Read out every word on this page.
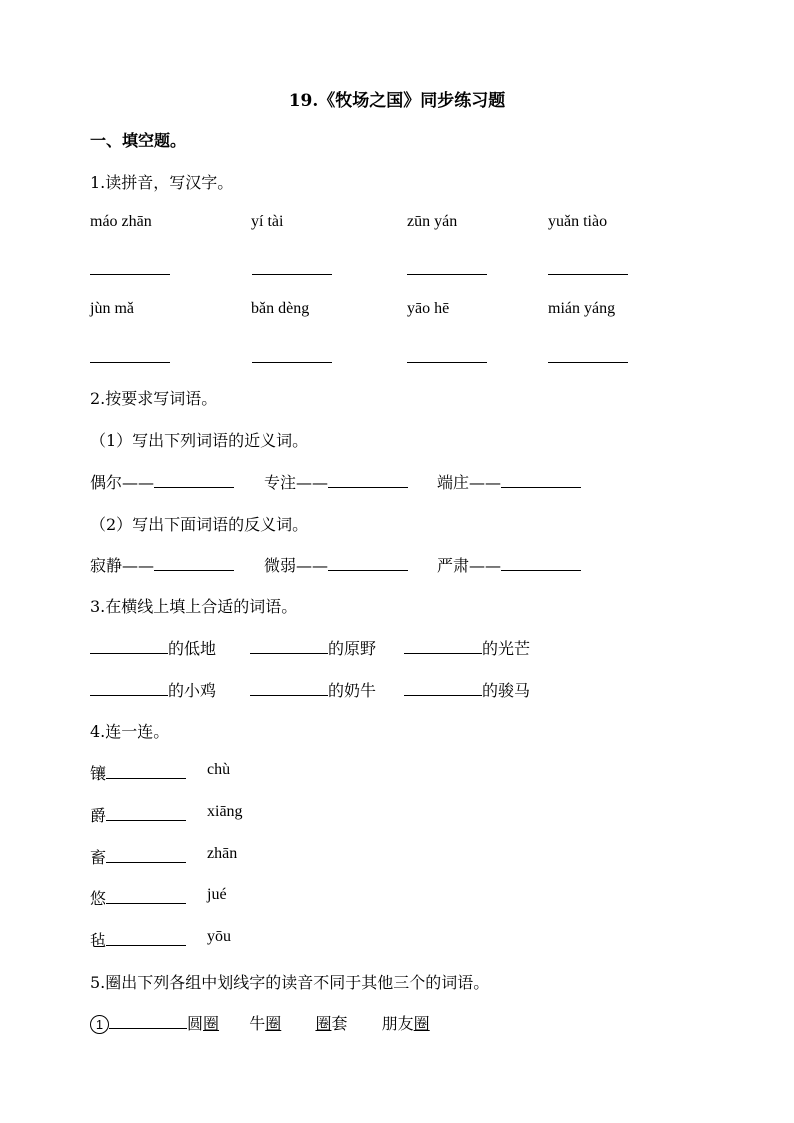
19.《牧场之国》同步练习题
一、填空题。
1.读拼音，写汉字。
máo zhān	yí tài	zūn yán	yuǎn tiào
jùn mǎ	bǎn dèng	yāo hē	mián yáng
2.按要求写词语。
（1）写出下列词语的近义词。
偶尔——	专注——	端庄——
（2）写出下面词语的反义词。
寂静——	微弱——	严肃——
3.在横线上填上合适的词语。
的低地	的原野	的光芒
的小鸡	的奶牛	的骏马
4.连一连。
镶	chù
爵	xiāng
畜	zhān
悠	jué
毡	yōu
5.圈出下列各组中划线字的读音不同于其他三个的词语。
1	圆圈 牛圈 圈套 朋友圈
